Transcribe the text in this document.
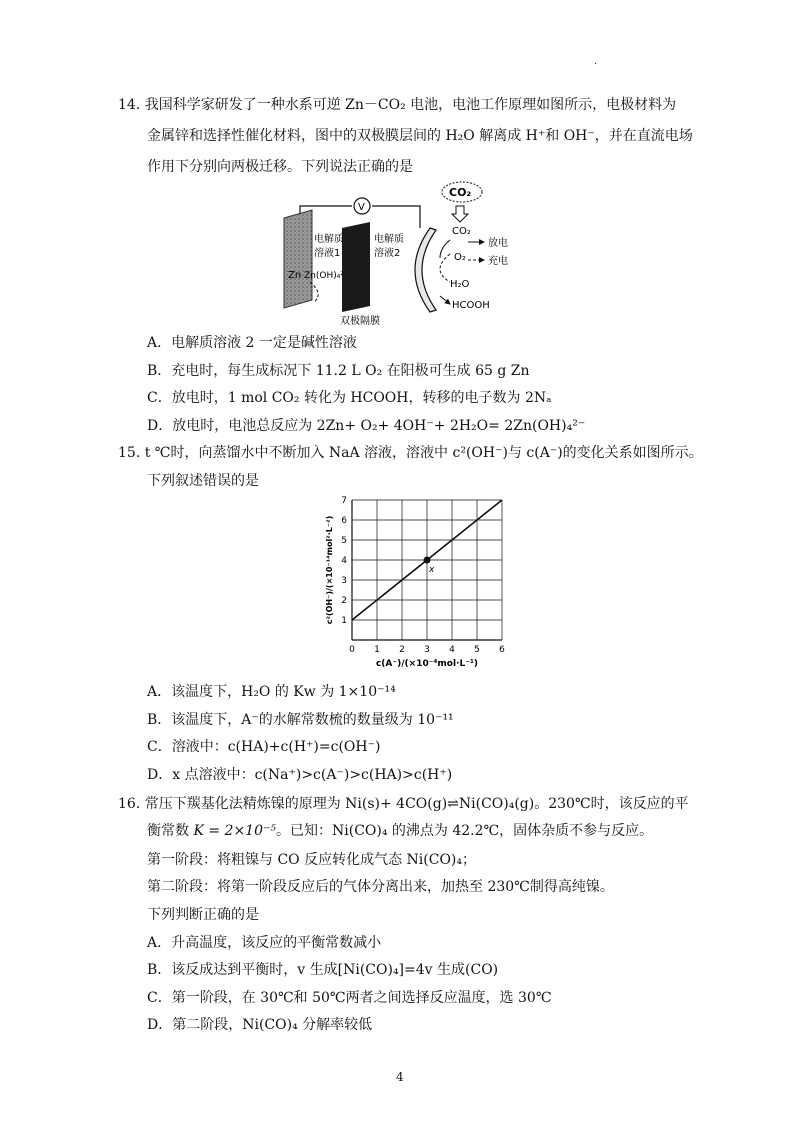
.
14. 我国科学家研发了一种水系可逆 Zn－CO₂ 电池，电池工作原理如图所示，电极材料为
金属锌和选择性催化材料，图中的双极膜层间的 H₂O 解离成 H⁺和 OH⁻，并在直流电场
作用下分别向两极迁移。下列说法正确的是
V
CO₂
CO₂
O₂
H₂O
HCOOH
放电
充电
电解质
溶液1
电解质
溶液2
Zn Zn(OH)₄²⁻
双极隔膜
A．电解质溶液 2 一定是碱性溶液
B．充电时，每生成标况下 11.2 L O₂ 在阳极可生成 65 g Zn
C．放电时，1 mol CO₂ 转化为 HCOOH，转移的电子数为 2Nₐ
D．放电时，电池总反应为 2Zn+ O₂+ 4OH⁻+ 2H₂O= 2Zn(OH)₄²⁻
15. t ℃时，向蒸馏水中不断加入 NaA 溶液，溶液中 c²(OH⁻)与 c(A⁻)的变化关系如图所示。
下列叙述错误的是
0 1 2 3 4 5 6
1
2
3
4
5
6
7
x
c(A⁻)/(×10⁻⁴mol·L⁻¹)
c²(OH⁻)/(×10⁻¹⁴mol²·L⁻²)
A．该温度下，H₂O 的 Kw 为 1×10⁻¹⁴
B．该温度下，A⁻的水解常数梳的数量级为 10⁻¹¹
C．溶液中：c(HA)+c(H⁺)=c(OH⁻)
D．x 点溶液中：c(Na⁺)>c(A⁻)>c(HA)>c(H⁺)
16. 常压下羰基化法精炼镍的原理为 Ni(s)+ 4CO(g)⇌Ni(CO)₄(g)。230℃时，该反应的平
衡常数 K = 2×10⁻⁵。已知：Ni(CO)₄ 的沸点为 42.2℃，固体杂质不参与反应。
第一阶段：将粗镍与 CO 反应转化成气态 Ni(CO)₄；
第二阶段：将第一阶段反应后的气体分离出来，加热至 230℃制得高纯镍。
下列判断正确的是
A．升高温度，该反应的平衡常数减小
B．该反成达到平衡时，v 生成[Ni(CO)₄]=4v 生成(CO)
C．第一阶段，在 30℃和 50℃两者之间选择反应温度，选 30℃
D．第二阶段，Ni(CO)₄ 分解率较低
4
